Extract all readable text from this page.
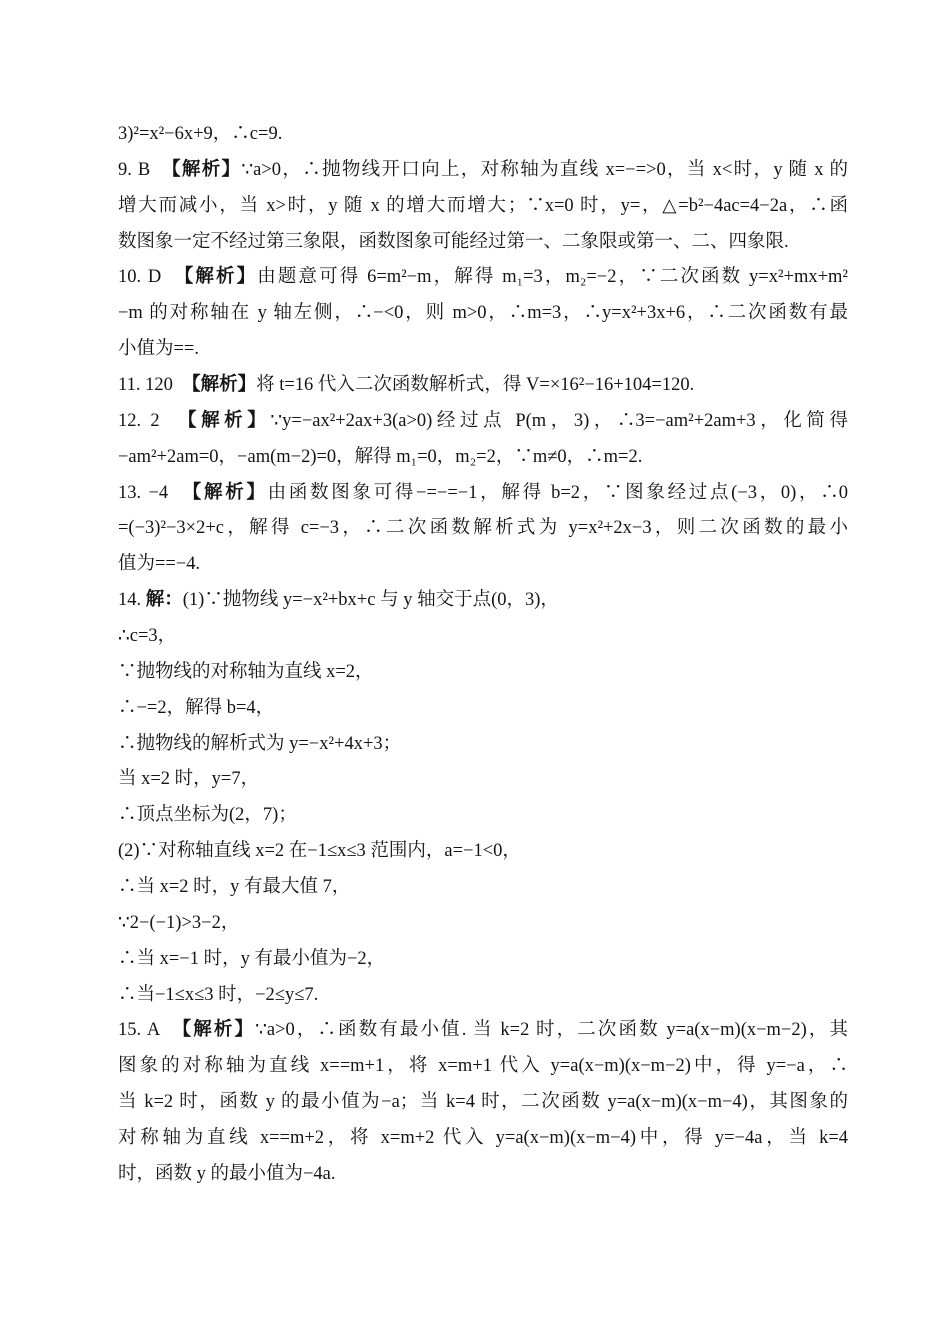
3)²=x²−6x+9，∴c=9.
9. B　【解析】∵a>0，∴抛物线开口向上，对称轴为直线 x=−=>0，当 x<时，y 随 x 的
增大而减小，当 x>时，y 随 x 的增大而增大；∵x=0 时，y=，△=b²−4ac=4−2a，∴函
数图象一定不经过第三象限，函数图象可能经过第一、二象限或第一、二、四象限.
10. D　【解析】由题意可得 6=m²−m，解得 m₁=3，m₂=−2，∵二次函数 y=x²+mx+m²
−m 的对称轴在 y 轴左侧，∴−<0，则 m>0，∴m=3，∴y=x²+3x+6，∴二次函数有最
小值为==.
11. 120　【解析】将 t=16 代入二次函数解析式，得 V=×16²−16+104=120.
12. 2　【解析】∵y=−ax²+2ax+3(a>0)经过点 P(m，3)，∴3=−am²+2am+3，化简得
−am²+2am=0，−am(m−2)=0，解得 m₁=0，m₂=2，∵m≠0，∴m=2.
13. −4　【解析】由函数图象可得−=−=−1，解得 b=2，∵图象经过点(−3，0)，∴0
=(−3)²−3×2+c，解得 c=−3，∴二次函数解析式为 y=x²+2x−3，则二次函数的最小
值为==−4.
14. 解：(1)∵抛物线 y=−x²+bx+c 与 y 轴交于点(0，3)，
∴c=3，
∵抛物线的对称轴为直线 x=2，
∴−=2，解得 b=4，
∴抛物线的解析式为 y=−x²+4x+3；
当 x=2 时，y=7，
∴顶点坐标为(2，7)；
(2)∵对称轴直线 x=2 在−1≤x≤3 范围内，a=−1<0，
∴当 x=2 时，y 有最大值 7，
∵2−(−1)>3−2，
∴当 x=−1 时，y 有最小值为−2，
∴当−1≤x≤3 时，−2≤y≤7.
15. A　【解析】∵a>0，∴函数有最小值. 当 k=2 时，二次函数 y=a(x−m)(x−m−2)，其
图象的对称轴为直线 x==m+1，将 x=m+1 代入 y=a(x−m)(x−m−2)中，得 y=−a，∴
当 k=2 时，函数 y 的最小值为−a；当 k=4 时，二次函数 y=a(x−m)(x−m−4)，其图象的
对称轴为直线 x==m+2，将 x=m+2 代入 y=a(x−m)(x−m−4)中，得 y=−4a，当 k=4
时，函数 y 的最小值为−4a.
